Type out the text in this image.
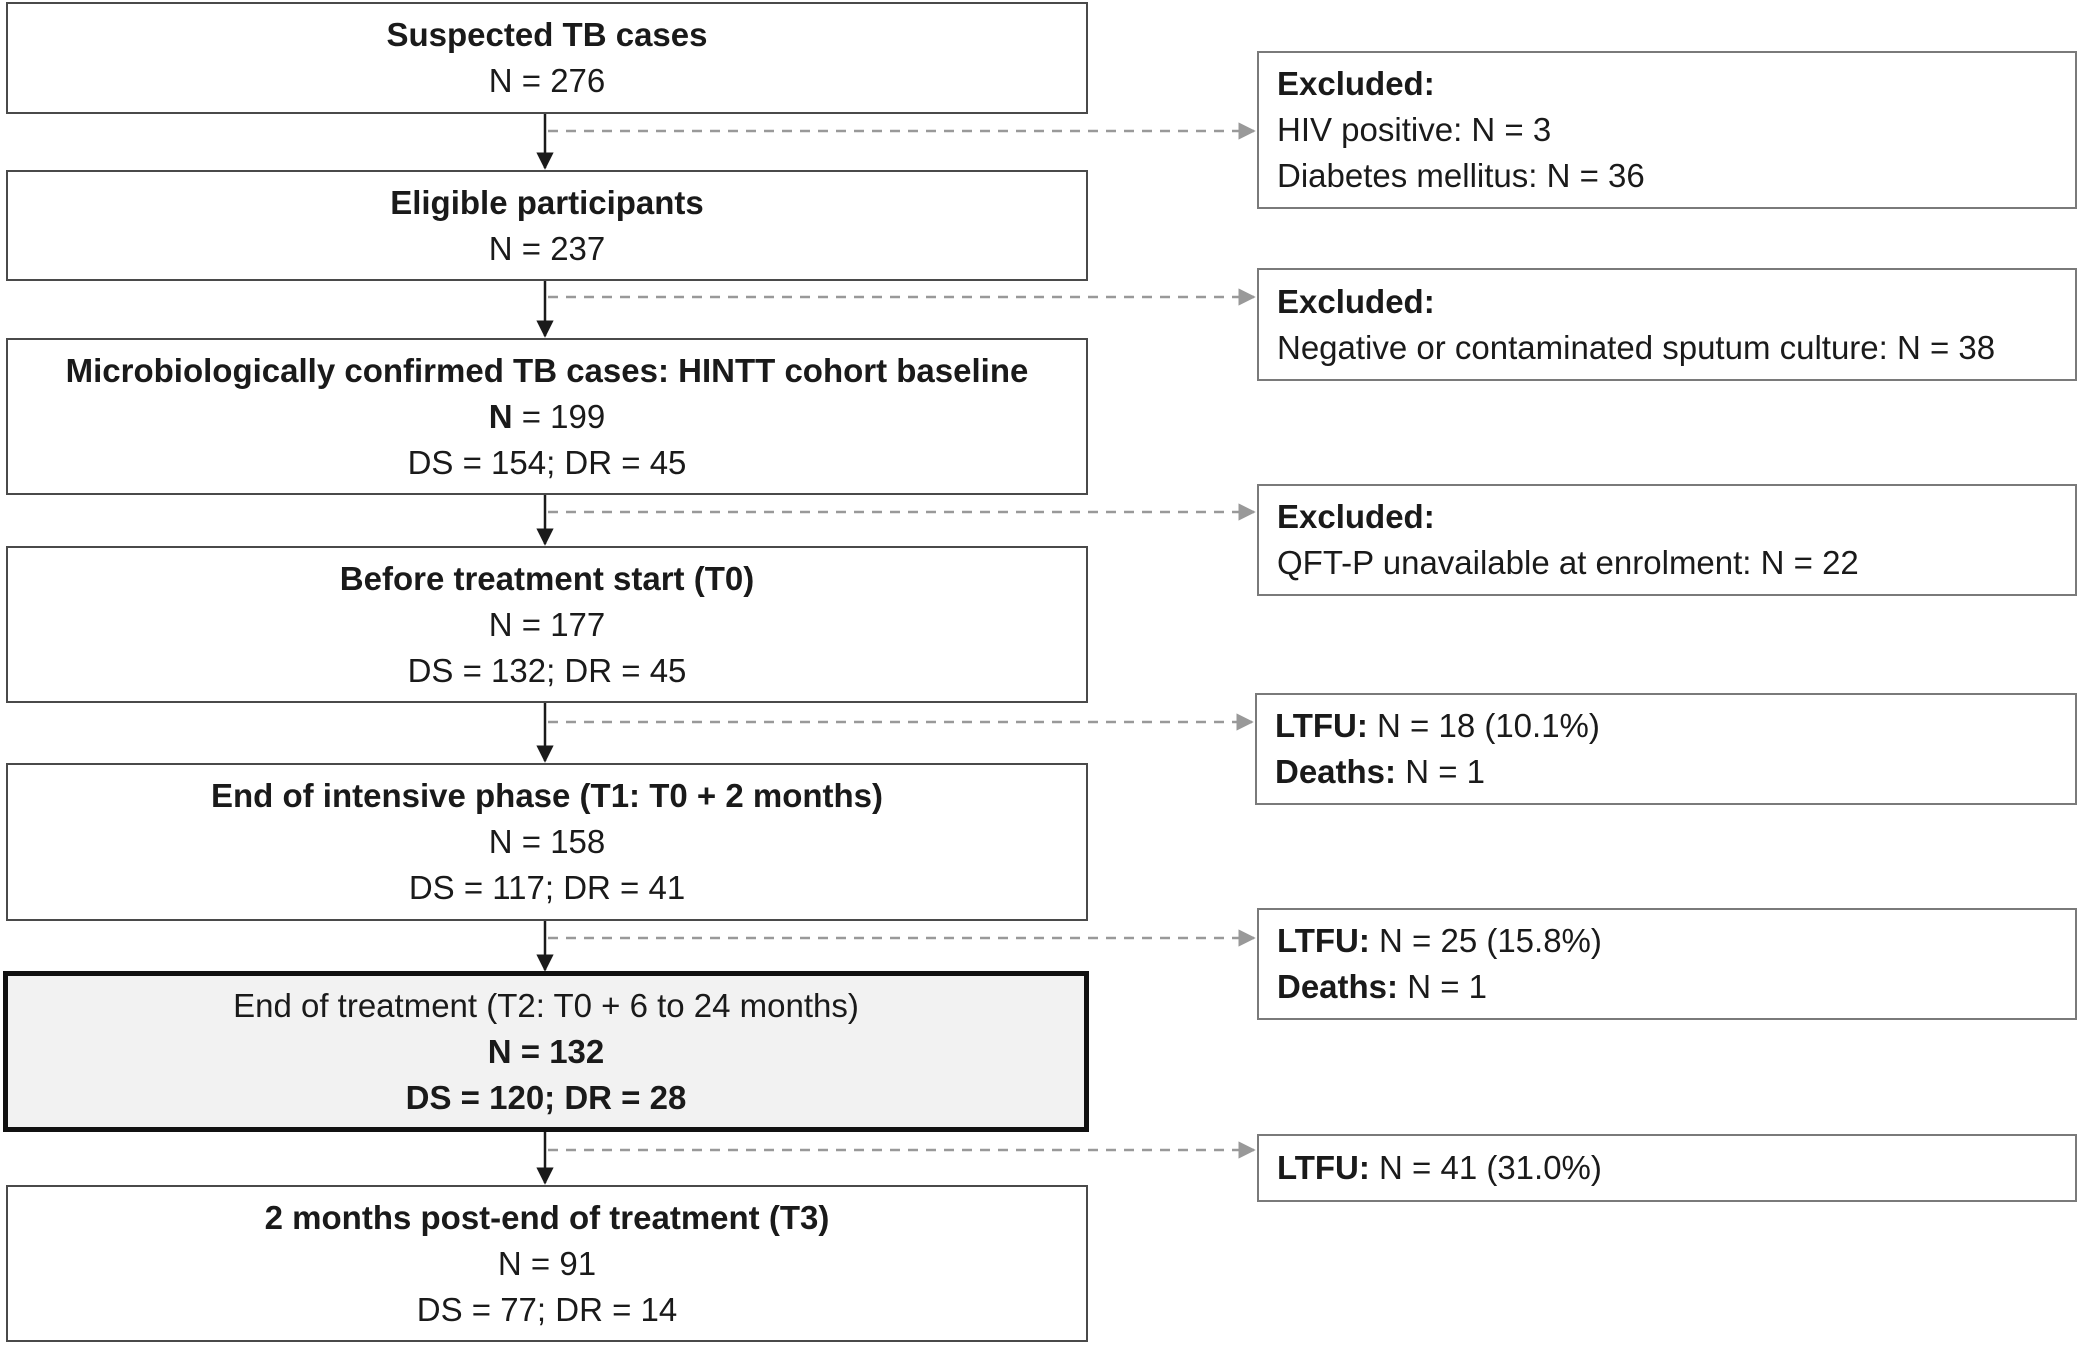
Suspected TB cases
N = 276
Eligible participants
N = 237
Microbiologically confirmed TB cases: HINTT cohort baseline
N = 199
DS = 154; DR = 45
Before treatment start (T0)
N = 177
DS = 132; DR = 45
End of intensive phase (T1: T0 + 2 months)
N = 158
DS = 117; DR = 41
End of treatment (T2: T0 + 6 to 24 months)
N = 132
DS = 120; DR = 28
2 months post-end of treatment (T3)
N = 91
DS = 77; DR = 14
Excluded:
HIV positive: N = 3
Diabetes mellitus: N = 36
Excluded:
Negative or contaminated sputum culture: N = 38
Excluded:
QFT-P unavailable at enrolment: N = 22
LTFU: N = 18 (10.1%)
Deaths: N = 1
LTFU: N = 25 (15.8%)
Deaths: N = 1
LTFU: N = 41 (31.0%)
